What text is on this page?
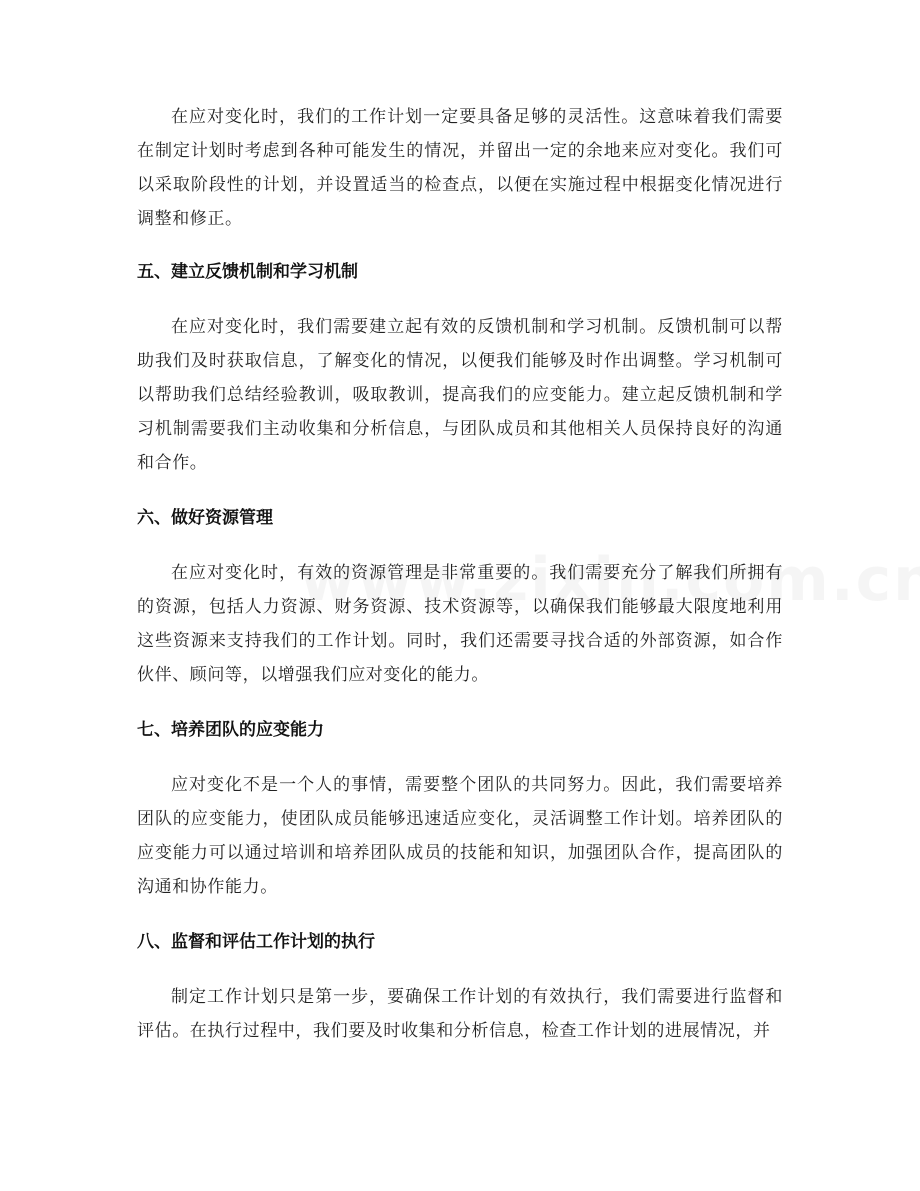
在应对变化时，我们的工作计划一定要具备足够的灵活性。这意味着我们需要在制定计划时考虑到各种可能发生的情况，并留出一定的余地来应对变化。我们可以采取阶段性的计划，并设置适当的检查点，以便在实施过程中根据变化情况进行调整和修正。

五、建立反馈机制和学习机制

在应对变化时，我们需要建立起有效的反馈机制和学习机制。反馈机制可以帮助我们及时获取信息，了解变化的情况，以便我们能够及时作出调整。学习机制可以帮助我们总结经验教训，吸取教训，提高我们的应变能力。建立起反馈机制和学习机制需要我们主动收集和分析信息，与团队成员和其他相关人员保持良好的沟通和合作。

六、做好资源管理

在应对变化时，有效的资源管理是非常重要的。我们需要充分了解我们所拥有的资源，包括人力资源、财务资源、技术资源等，以确保我们能够最大限度地利用这些资源来支持我们的工作计划。同时，我们还需要寻找合适的外部资源，如合作伙伴、顾问等，以增强我们应对变化的能力。

七、培养团队的应变能力

应对变化不是一个人的事情，需要整个团队的共同努力。因此，我们需要培养团队的应变能力，使团队成员能够迅速适应变化，灵活调整工作计划。培养团队的应变能力可以通过培训和培养团队成员的技能和知识，加强团队合作，提高团队的沟通和协作能力。

八、监督和评估工作计划的执行

制定工作计划只是第一步，要确保工作计划的有效执行，我们需要进行监督和评估。在执行过程中，我们要及时收集和分析信息，检查工作计划的进展情况，并
